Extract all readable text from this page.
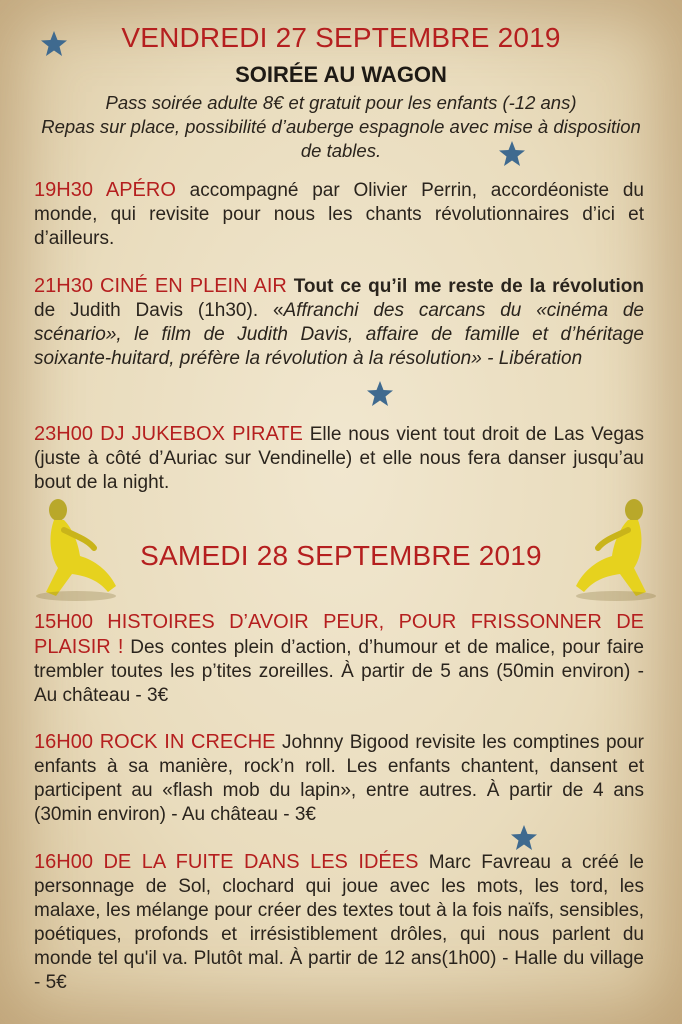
VENDREDI 27 SEPTEMBRE 2019
SOIRÉE AU WAGON

Pass soirée adulte 8€ et gratuit pour les enfants (-12 ans)

Repas sur place, possibilité d’auberge espagnole avec mise à disposition de tables.

19H30 APÉRO accompagné par Olivier Perrin, accordéoniste du monde, qui revisite pour nous les chants révolutionnaires d’ici et d’ailleurs.

21H30 CINÉ EN PLEIN AIR Tout ce qu’il me reste de la révolution de Judith Davis (1h30). «Affranchi des carcans du «cinéma de scénario», le film de Judith Davis, affaire de famille et d’héritage soixante-huitard, préfère la révolution à la résolution» - Libération

23H00 DJ JUKEBOX PIRATE Elle nous vient tout droit de Las Vegas (juste à côté d’Auriac sur Vendinelle) et elle nous fera danser jusqu’au bout de la night.

SAMEDI 28 SEPTEMBRE 2019

15H00 HISTOIRES D’AVOIR PEUR, POUR FRISSONNER DE PLAISIR ! Des contes plein d’action, d’humour et de malice, pour faire trembler toutes les p’tites zoreilles. À partir de 5 ans (50min environ) - Au château - 3€

16H00 ROCK IN CRECHE Johnny Bigood revisite les comptines pour enfants à sa manière, rock’n roll. Les enfants chantent, dansent et participent au «flash mob du lapin», entre autres. À partir de 4 ans (30min environ) - Au château - 3€

16H00 DE LA FUITE DANS LES IDÉES Marc Favreau a créé le personnage de Sol, clochard qui joue avec les mots, les tord, les malaxe, les mélange pour créer des textes tout à la fois naïfs, sensibles, poétiques, profonds et irrésistiblement drôles, qui nous parlent du monde tel qu'il va. Plutôt mal. À partir de 12 ans(1h00) - Halle du village - 5€
